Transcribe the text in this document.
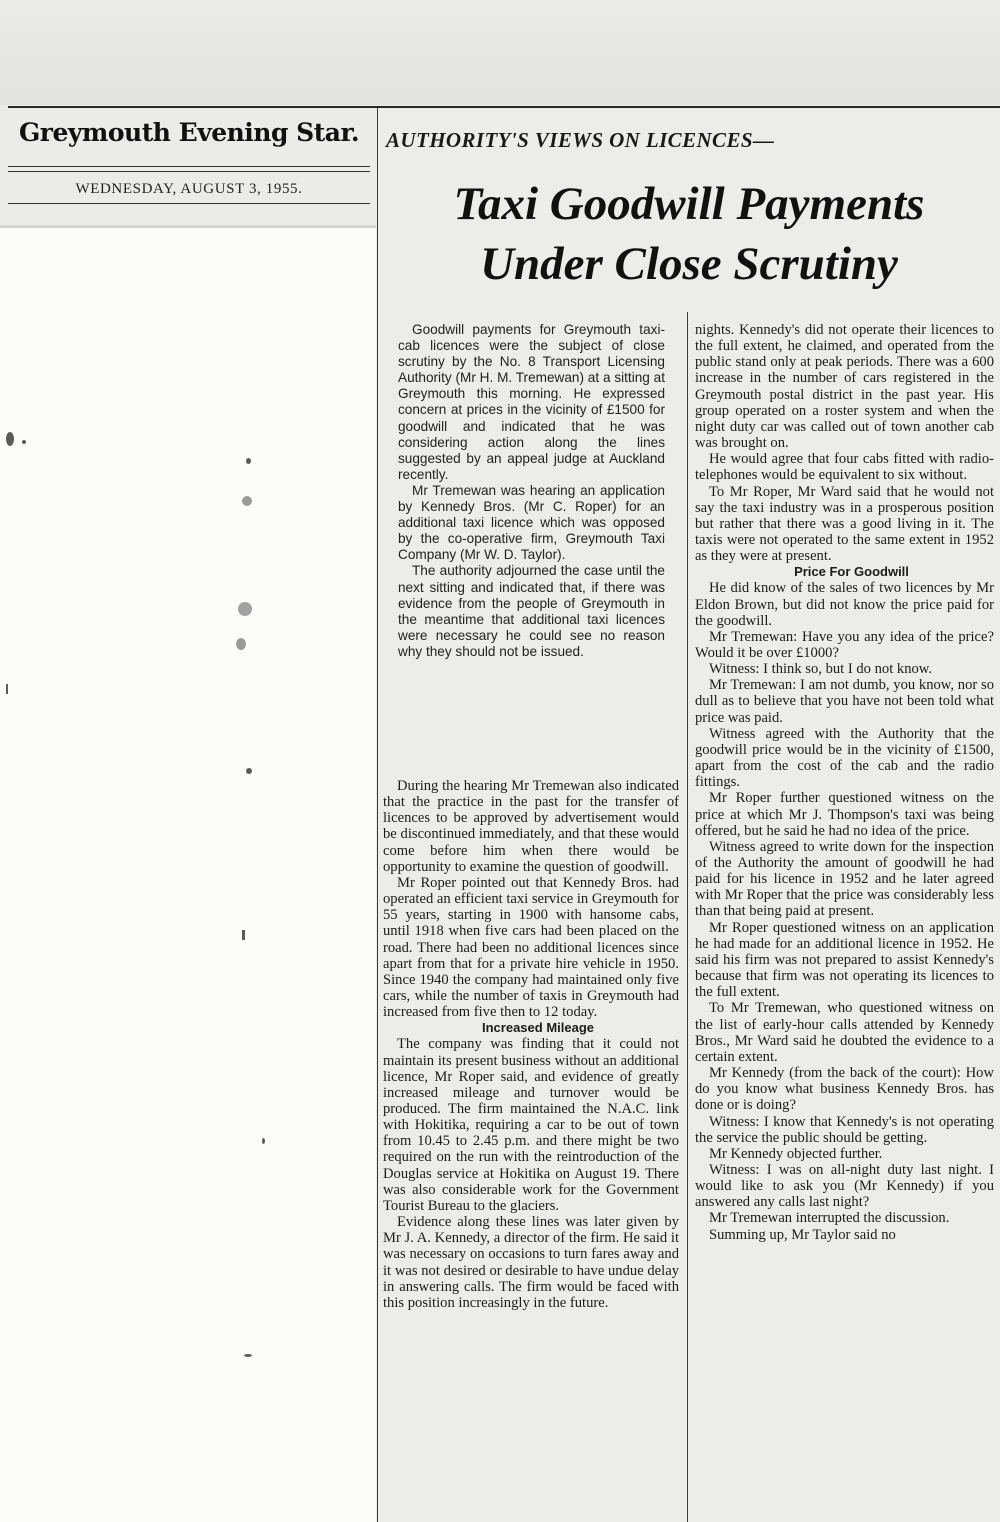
Greymouth Evening Star.
WEDNESDAY, AUGUST 3, 1955.
AUTHORITY'S VIEWS ON LICENCES—
Taxi Goodwill Payments
Under Close Scrutiny

Goodwill payments for Greymouth taxi-cab licences were the subject of close scrutiny by the No. 8 Transport Licensing Authority (Mr H. M. Tremewan) at a sitting at Greymouth this morning. He expressed concern at prices in the vicinity of £1500 for goodwill and indicated that he was considering action along the lines suggested by an appeal judge at Auckland recently.

Mr Tremewan was hearing an application by Kennedy Bros. (Mr C. Roper) for an additional taxi licence which was opposed by the co-operative firm, Greymouth Taxi Company (Mr W. D. Taylor).

The authority adjourned the case until the next sitting and indicated that, if there was evidence from the people of Greymouth in the meantime that additional taxi licences were necessary he could see no reason why they should not be issued.

During the hearing Mr Tremewan also indicated that the practice in the past for the transfer of licences to be approved by advertisement would be discontinued immediately, and that these would come before him when there would be opportunity to examine the question of goodwill.

Mr Roper pointed out that Kennedy Bros. had operated an efficient taxi service in Greymouth for 55 years, starting in 1900 with hansome cabs, until 1918 when five cars had been placed on the road. There had been no additional licences since apart from that for a private hire vehicle in 1950. Since 1940 the company had maintained only five cars, while the number of taxis in Greymouth had increased from five then to 12 today.

Increased Mileage

The company was finding that it could not maintain its present business without an additional licence, Mr Roper said, and evidence of greatly increased mileage and turnover would be produced. The firm maintained the N.A.C. link with Hokitika, requiring a car to be out of town from 10.45 to 2.45 p.m. and there might be two required on the run with the reintroduction of the Douglas service at Hokitika on August 19. There was also considerable work for the Government Tourist Bureau to the glaciers.

Evidence along these lines was later given by Mr J. A. Kennedy, a director of the firm. He said it was necessary on occasions to turn fares away and it was not desired or desirable to have undue delay in answering calls. The firm would be faced with this position increasingly in the future.

nights. Kennedy's did not operate their licences to the full extent, he claimed, and operated from the public stand only at peak periods. There was a 600 increase in the number of cars registered in the Greymouth postal district in the past year. His group operated on a roster system and when the night duty car was called out of town another cab was brought on.

He would agree that four cabs fitted with radio-telephones would be equivalent to six without.

To Mr Roper, Mr Ward said that he would not say the taxi industry was in a prosperous position but rather that there was a good living in it. The taxis were not operated to the same extent in 1952 as they were at present.

Price For Goodwill

He did know of the sales of two licences by Mr Eldon Brown, but did not know the price paid for the goodwill.

Mr Tremewan: Have you any idea of the price? Would it be over £1000?

Witness: I think so, but I do not know.

Mr Tremewan: I am not dumb, you know, nor so dull as to believe that you have not been told what price was paid.

Witness agreed with the Authority that the goodwill price would be in the vicinity of £1500, apart from the cost of the cab and the radio fittings.

Mr Roper further questioned witness on the price at which Mr J. Thompson's taxi was being offered, but he said he had no idea of the price.

Witness agreed to write down for the inspection of the Authority the amount of goodwill he had paid for his licence in 1952 and he later agreed with Mr Roper that the price was considerably less than that being paid at present.

Mr Roper questioned witness on an application he had made for an additional licence in 1952. He said his firm was not prepared to assist Kennedy's because that firm was not operating its licences to the full extent.

To Mr Tremewan, who questioned witness on the list of early-hour calls attended by Kennedy Bros., Mr Ward said he doubted the evidence to a certain extent.

Mr Kennedy (from the back of the court): How do you know what business Kennedy Bros. has done or is doing?

Witness: I know that Kennedy's is not operating the service the public should be getting.

Mr Kennedy objected further.

Witness: I was on all-night duty last night. I would like to ask you (Mr Kennedy) if you answered any calls last night?

Mr Tremewan interrupted the discussion.

Summing up, Mr Taylor said no
